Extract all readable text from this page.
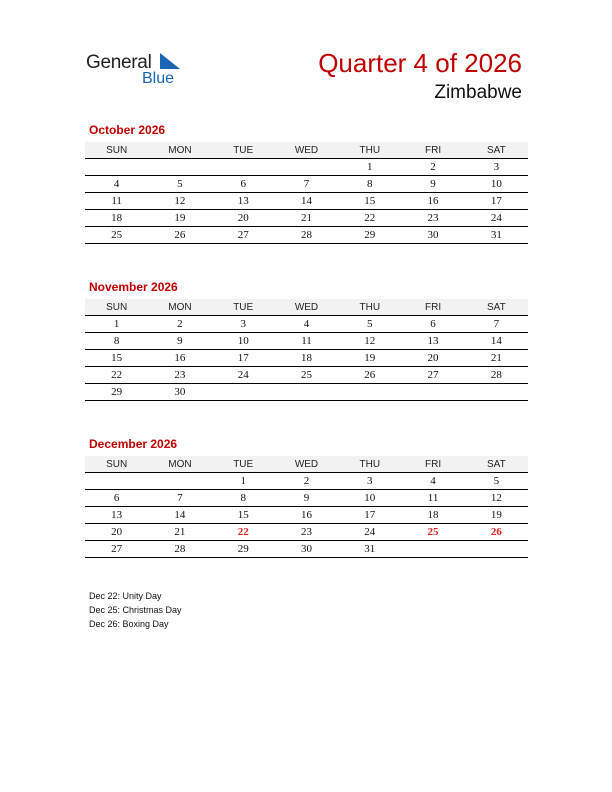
General
Blue
Quarter 4 of 2026
Zimbabwe
October 2026
SUN	MON	TUE	WED	THU	FRI	SAT
				1	2	3
4	5	6	7	8	9	10
11	12	13	14	15	16	17
18	19	20	21	22	23	24
25	26	27	28	29	30	31
November 2026
SUN	MON	TUE	WED	THU	FRI	SAT
1	2	3	4	5	6	7
8	9	10	11	12	13	14
15	16	17	18	19	20	21
22	23	24	25	26	27	28
29	30					
December 2026
SUN	MON	TUE	WED	THU	FRI	SAT
		1	2	3	4	5
6	7	8	9	10	11	12
13	14	15	16	17	18	19
20	21	22	23	24	25	26
27	28	29	30	31		
Dec 22: Unity Day
Dec 25: Christmas Day
Dec 26: Boxing Day
